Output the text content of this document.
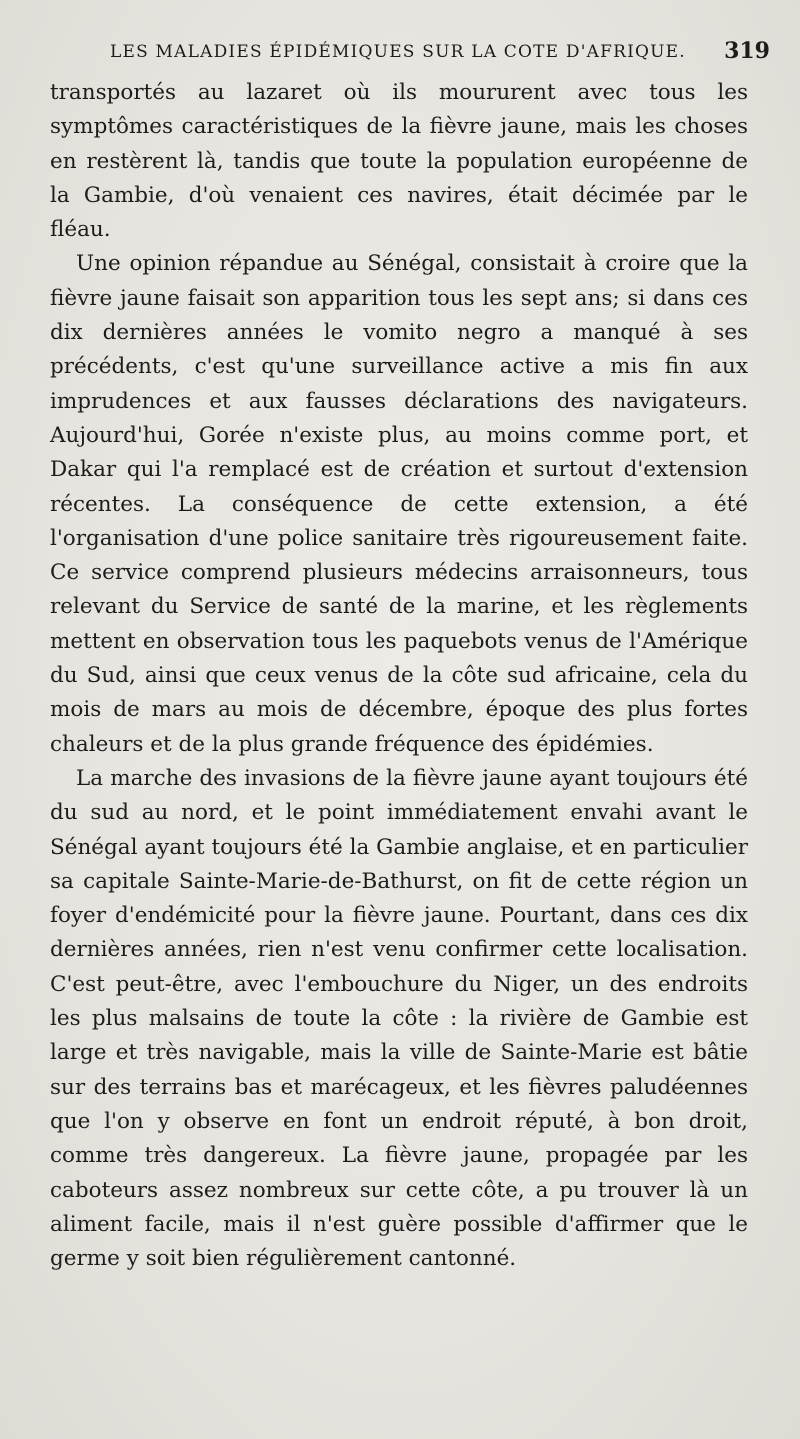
LES MALADIES ÉPIDÉMIQUES SUR LA COTE D'AFRIQUE. 319

transportés au lazaret où ils moururent avec tous les symptômes caractéristiques de la fièvre jaune, mais les choses en restèrent là, tandis que toute la population européenne de la Gambie, d'où venaient ces navires, était décimée par le fléau.

Une opinion répandue au Sénégal, consistait à croire que la fièvre jaune faisait son apparition tous les sept ans; si dans ces dix dernières années le vomito negro a manqué à ses précédents, c'est qu'une surveillance active a mis fin aux imprudences et aux fausses déclarations des navigateurs. Aujourd'hui, Gorée n'existe plus, au moins comme port, et Dakar qui l'a remplacé est de création et surtout d'extension récentes. La conséquence de cette extension, a été l'organisation d'une police sanitaire très rigoureusement faite. Ce service comprend plusieurs médecins arraisonneurs, tous relevant du Service de santé de la marine, et les règlements mettent en observation tous les paquebots venus de l'Amérique du Sud, ainsi que ceux venus de la côte sud africaine, cela du mois de mars au mois de décembre, époque des plus fortes chaleurs et de la plus grande fréquence des épidémies.

La marche des invasions de la fièvre jaune ayant toujours été du sud au nord, et le point immédiatement envahi avant le Sénégal ayant toujours été la Gambie anglaise, et en particulier sa capitale Sainte-Marie-de-Bathurst, on fit de cette région un foyer d'endémicité pour la fièvre jaune. Pourtant, dans ces dix dernières années, rien n'est venu confirmer cette localisation. C'est peut-être, avec l'embouchure du Niger, un des endroits les plus malsains de toute la côte : la rivière de Gambie est large et très navigable, mais la ville de Sainte-Marie est bâtie sur des terrains bas et marécageux, et les fièvres paludéennes que l'on y observe en font un endroit réputé, à bon droit, comme très dangereux. La fièvre jaune, propagée par les caboteurs assez nombreux sur cette côte, a pu trouver là un aliment facile, mais il n'est guère possible d'affirmer que le germe y soit bien régulièrement cantonné.
